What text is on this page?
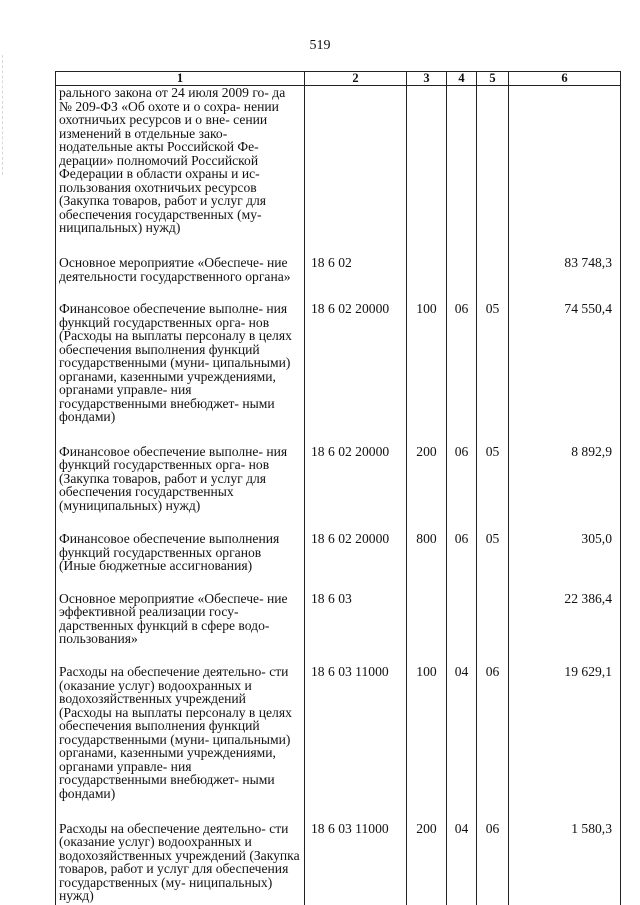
519
1	2	3	4	5	6
рального закона от 24 июля 2009 го- да № 209-ФЗ «Об охоте и о сохра- нении охотничьих ресурсов и о вне- сении изменений в отдельные зако- нодательные акты Российской Фе- дерации» полномочий Российской Федерации в области охраны и ис- пользования охотничьих ресурсов (Закупка товаров, работ и услуг для обеспечения государственных (му- ниципальных) нужд)					

Основное мероприятие «Обеспече- ние деятельности государственного органа»	18 6 02				83 748,3

Финансовое обеспечение выполне- ния функций государственных орга- нов (Расходы на выплаты персоналу в целях обеспечения выполнения функций государственными (муни- ципальными) органами, казенными учреждениями, органами управле- ния государственными внебюджет- ными фондами)	18 6 02 20000	100	06	05	74 550,4

Финансовое обеспечение выполне- ния функций государственных орга- нов (Закупка товаров, работ и услуг для обеспечения государственных (муниципальных) нужд)	18 6 02 20000	200	06	05	8 892,9

Финансовое обеспечение выполнения функций государственных органов (Иные бюджетные ассигнования)	18 6 02 20000	800	06	05	305,0

Основное мероприятие «Обеспече- ние эффективной реализации госу- дарственных функций в сфере водо- пользования»	18 6 03				22 386,4

Расходы на обеспечение деятельно- сти (оказание услуг) водоохранных и водохозяйственных учреждений (Расходы на выплаты персоналу в целях обеспечения выполнения функций государственными (муни- ципальными) органами, казенными учреждениями, органами управле- ния государственными внебюджет- ными фондами)	18 6 03 11000	100	04	06	19 629,1

Расходы на обеспечение деятельно- сти (оказание услуг) водоохранных и водохозяйственных учреждений (Закупка товаров, работ и услуг для обеспечения государственных (му- ниципальных) нужд)	18 6 03 11000	200	04	06	1 580,3
